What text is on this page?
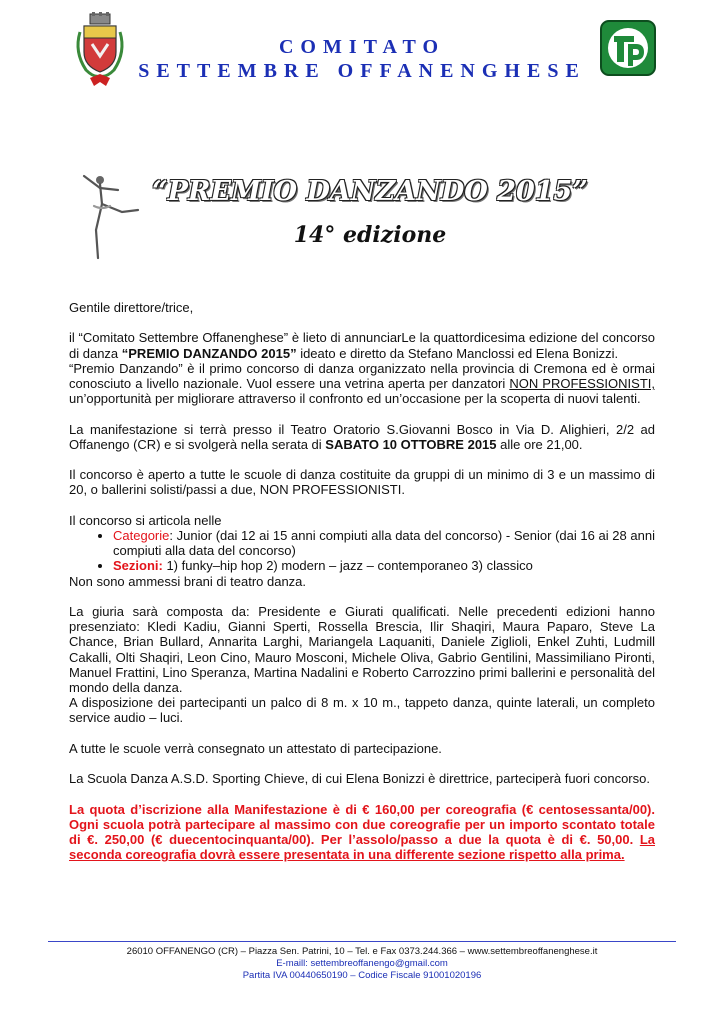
COMITATO
SETTEMBRE OFFANENGHESE
“PREMIO DANZANDO 2015”
14° edizione

Gentile direttore/trice,

il “Comitato Settembre Offanenghese” è lieto di annunciarLe la quattordicesima edizione del concorso di danza “PREMIO DANZANDO 2015” ideato e diretto da Stefano Manclossi ed Elena Bonizzi.

“Premio Danzando” è il primo concorso di danza organizzato nella provincia di Cremona ed è ormai conosciuto a livello nazionale. Vuol essere una vetrina aperta per danzatori NON PROFESSIONISTI, un’opportunità per migliorare attraverso il confronto ed un’occasione per la scoperta di nuovi talenti.

La manifestazione si terrà presso il Teatro Oratorio S.Giovanni Bosco in Via D. Alighieri, 2/2 ad Offanengo (CR) e si svolgerà nella serata di SABATO 10 OTTOBRE 2015 alle ore 21,00.

Il concorso è aperto a tutte le scuole di danza costituite da gruppi di un minimo di 3 e un massimo di 20, o ballerini solisti/passi a due, NON PROFESSIONISTI.

Il concorso si articola nelle

• Categorie: Junior (dai 12 ai 15 anni compiuti alla data del concorso) - Senior (dai 16 ai 28 anni compiuti alla data del concorso)
• Sezioni: 1) funky–hip hop 2) modern – jazz – contemporaneo 3) classico

Non sono ammessi brani di teatro danza.

La giuria sarà composta da: Presidente e Giurati qualificati. Nelle precedenti edizioni hanno presenziato: Kledi Kadiu, Gianni Sperti, Rossella Brescia, Ilir Shaqiri, Maura Paparo, Steve La Chance, Brian Bullard, Annarita Larghi, Mariangela Laquaniti, Daniele Ziglioli, Enkel Zuhti, Ludmill Cakalli, Olti Shaqiri, Leon Cino, Mauro Mosconi, Michele Oliva, Gabrio Gentilini, Massimiliano Pironti, Manuel Frattini, Lino Speranza, Martina Nadalini e Roberto Carrozzino primi ballerini e personalità del mondo della danza.

A disposizione dei partecipanti un palco di 8 m. x 10 m., tappeto danza, quinte laterali, un completo service audio – luci.

A tutte le scuole verrà consegnato un attestato di partecipazione.

La Scuola Danza A.S.D. Sporting Chieve, di cui Elena Bonizzi è direttrice, parteciperà fuori concorso.

La quota d’iscrizione alla Manifestazione è di € 160,00 per coreografia (€ centosessanta/00). Ogni scuola potrà partecipare al massimo con due coreografie per un importo scontato totale di €. 250,00 (€ duecentocinquanta/00). Per l’assolo/passo a due la quota è di €. 50,00. La seconda coreografia dovrà essere presentata in una differente sezione rispetto alla prima.

26010 OFFANENGO (CR) – Piazza Sen. Patrini, 10 – Tel. e Fax 0373.244.366 – www.settembreoffanenghese.it
E-maill: settembreoffanengo@gmail.com
Partita IVA 00440650190 – Codice Fiscale 91001020196
